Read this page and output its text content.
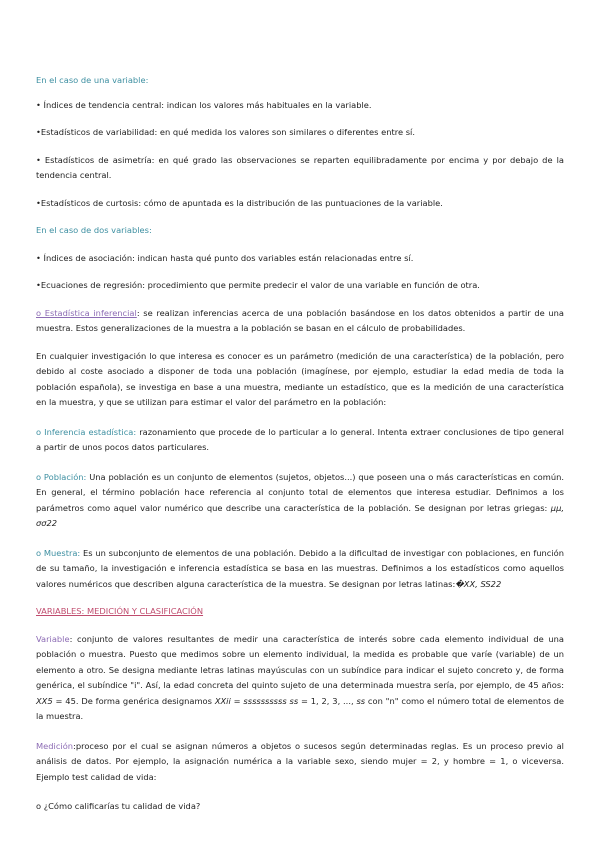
En el caso de una variable:

• Índices de tendencia central: indican los valores más habituales en la variable.

•Estadísticos de variabilidad: en qué medida los valores son similares o diferentes entre sí.

• Estadísticos de asimetría: en qué grado las observaciones se reparten equilibradamente por encima y por debajo de la tendencia central.

•Estadísticos de curtosis: cómo de apuntada es la distribución de las puntuaciones de la variable.

En el caso de dos variables:

• Índices de asociación: indican hasta qué punto dos variables están relacionadas entre sí.

•Ecuaciones de regresión: procedimiento que permite predecir el valor de una variable en función de otra.

o Estadística inferencial: se realizan inferencias acerca de una población basándose en los datos obtenidos a partir de una muestra. Estos generalizaciones de la muestra a la población se basan en el cálculo de probabilidades.

En cualquier investigación lo que interesa es conocer es un parámetro (medición de una característica) de la población, pero debido al coste asociado a disponer de toda una población (imagínese, por ejemplo, estudiar la edad media de toda la población española), se investiga en base a una muestra, mediante un estadístico, que es la medición de una característica en la muestra, y que se utilizan para estimar el valor del parámetro en la población:

o Inferencia estadística: razonamiento que procede de lo particular a lo general. Intenta extraer conclusiones de tipo general a partir de unos pocos datos particulares.

o Población: Una población es un conjunto de elementos (sujetos, objetos...) que poseen una o más características en común. En general, el término población hace referencia al conjunto total de elementos que interesa estudiar. Definimos a los parámetros como aquel valor numérico que describe una característica de la población. Se designan por letras griegas: μμ, σσ22

o Muestra: Es un subconjunto de elementos de una población. Debido a la dificultad de investigar con poblaciones, en función de su tamaño, la investigación e inferencia estadística se basa en las muestras. Definimos a los estadísticos como aquellos valores numéricos que describen alguna característica de la muestra. Se designan por letras latinas:�XX, SS22

VARIABLES: MEDICIÓN Y CLASIFICACIÓN

Variable: conjunto de valores resultantes de medir una característica de interés sobre cada elemento individual de una población o muestra. Puesto que medimos sobre un elemento individual, la medida es probable que varíe (variable) de un elemento a otro. Se designa mediante letras latinas mayúsculas con un subíndice para indicar el sujeto concreto y, de forma genérica, el subíndice "i". Así, la edad concreta del quinto sujeto de una determinada muestra sería, por ejemplo, de 45 años: XX5 = 45. De forma genérica designamos XXii = ssssssssss ss = 1, 2, 3, ..., ss con "n" como el número total de elementos de la muestra.

Medición:proceso por el cual se asignan números a objetos o sucesos según determinadas reglas. Es un proceso previo al análisis de datos. Por ejemplo, la asignación numérica a la variable sexo, siendo mujer = 2, y hombre = 1, o viceversa. Ejemplo test calidad de vida:

o ¿Cómo calificarías tu calidad de vida?
